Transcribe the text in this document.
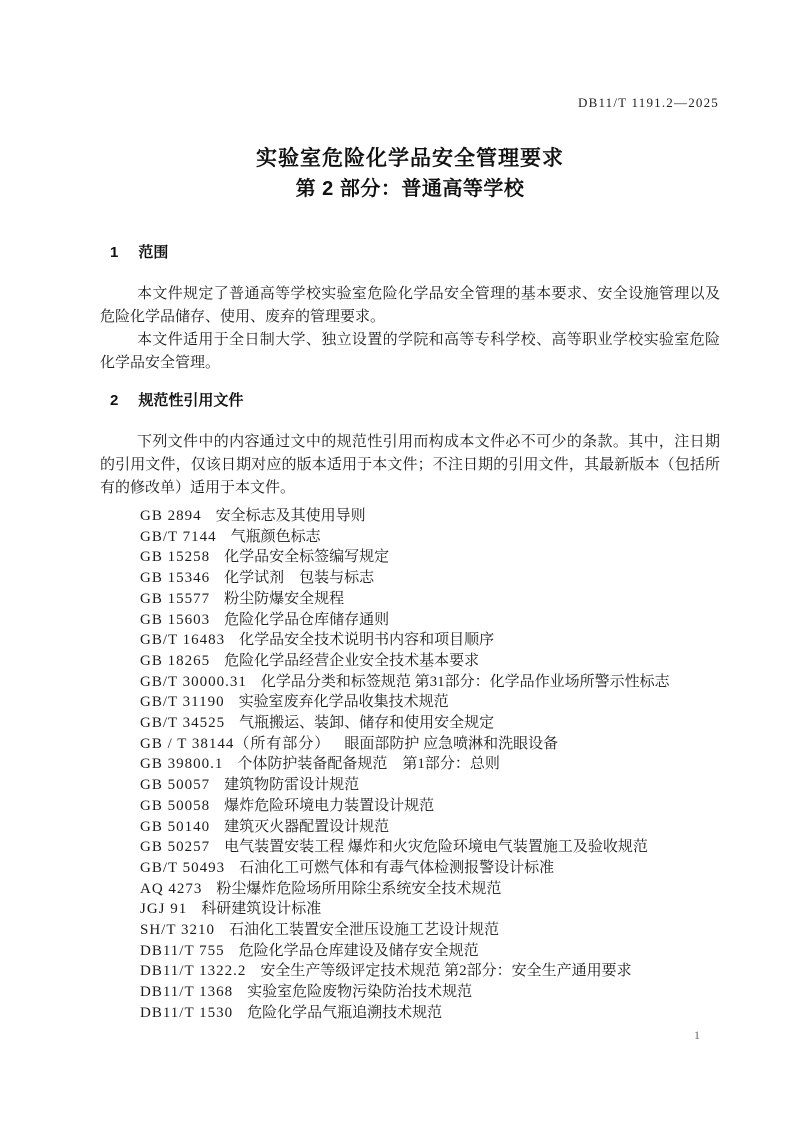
DB11/T 1191.2—2025
实验室危险化学品安全管理要求
第 2 部分：普通高等学校
1 范围

本文件规定了普通高等学校实验室危险化学品安全管理的基本要求、安全设施管理以及危险化学品储存、使用、废弃的管理要求。

本文件适用于全日制大学、独立设置的学院和高等专科学校、高等职业学校实验室危险化学品安全管理。

2 规范性引用文件

下列文件中的内容通过文中的规范性引用而构成本文件必不可少的条款。其中，注日期的引用文件，仅该日期对应的版本适用于本文件；不注日期的引用文件，其最新版本（包括所有的修改单）适用于本文件。

GB 2894 安全标志及其使用导则
GB/T 7144 气瓶颜色标志
GB 15258 化学品安全标签编写规定
GB 15346 化学试剂　包装与标志
GB 15577 粉尘防爆安全规程
GB 15603 危险化学品仓库储存通则
GB/T 16483 化学品安全技术说明书内容和项目顺序
GB 18265 危险化学品经营企业安全技术基本要求
GB/T 30000.31 化学品分类和标签规范 第31部分：化学品作业场所警示性标志
GB/T 31190 实验室废弃化学品收集技术规范
GB/T 34525 气瓶搬运、装卸、储存和使用安全规定
GB / T 38144（所有部分） 眼面部防护 应急喷淋和洗眼设备
GB 39800.1 个体防护装备配备规范　第1部分：总则
GB 50057 建筑物防雷设计规范
GB 50058 爆炸危险环境电力装置设计规范
GB 50140 建筑灭火器配置设计规范
GB 50257 电气装置安装工程 爆炸和火灾危险环境电气装置施工及验收规范
GB/T 50493 石油化工可燃气体和有毒气体检测报警设计标准
AQ 4273 粉尘爆炸危险场所用除尘系统安全技术规范
JGJ 91 科研建筑设计标准
SH/T 3210 石油化工装置安全泄压设施工艺设计规范
DB11/T 755 危险化学品仓库建设及储存安全规范
DB11/T 1322.2 安全生产等级评定技术规范 第2部分：安全生产通用要求
DB11/T 1368 实验室危险废物污染防治技术规范
DB11/T 1530 危险化学品气瓶追溯技术规范
1
